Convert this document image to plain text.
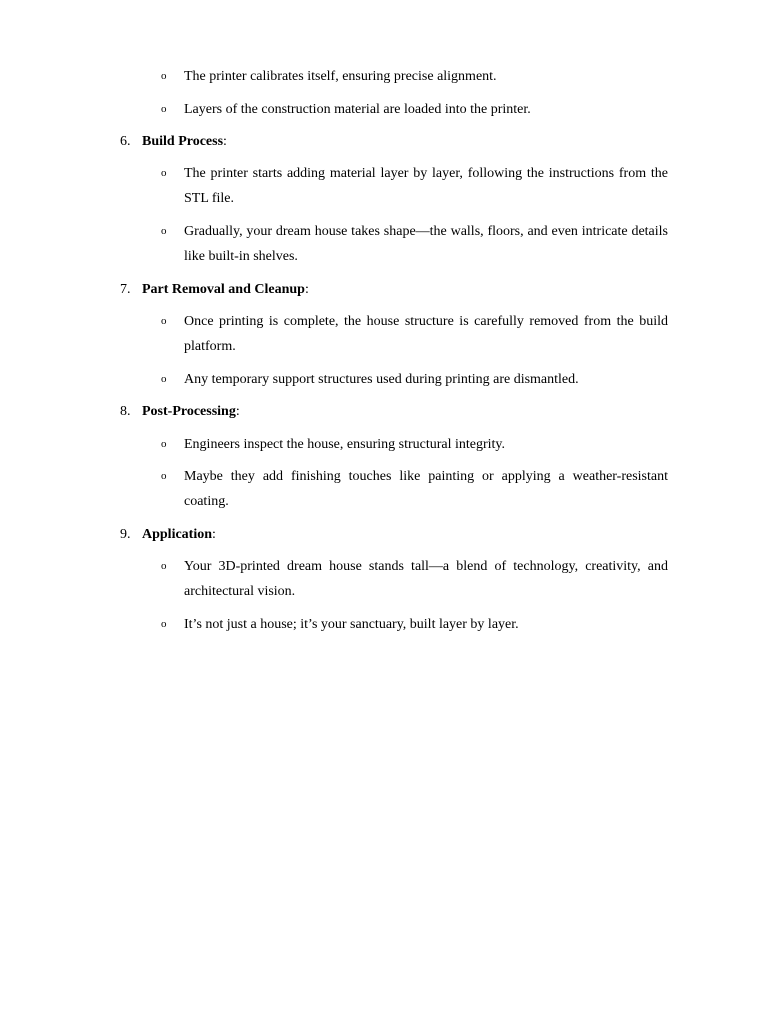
o The printer calibrates itself, ensuring precise alignment.
o Layers of the construction material are loaded into the printer.
6. Build Process:
o The printer starts adding material layer by layer, following the instructions from the STL file.
o Gradually, your dream house takes shape—the walls, floors, and even intricate details like built-in shelves.
7. Part Removal and Cleanup:
o Once printing is complete, the house structure is carefully removed from the build platform.
o Any temporary support structures used during printing are dismantled.
8. Post-Processing:
o Engineers inspect the house, ensuring structural integrity.
o Maybe they add finishing touches like painting or applying a weather-resistant coating.
9. Application:
o Your 3D-printed dream house stands tall—a blend of technology, creativity, and architectural vision.
o It’s not just a house; it’s your sanctuary, built layer by layer.
